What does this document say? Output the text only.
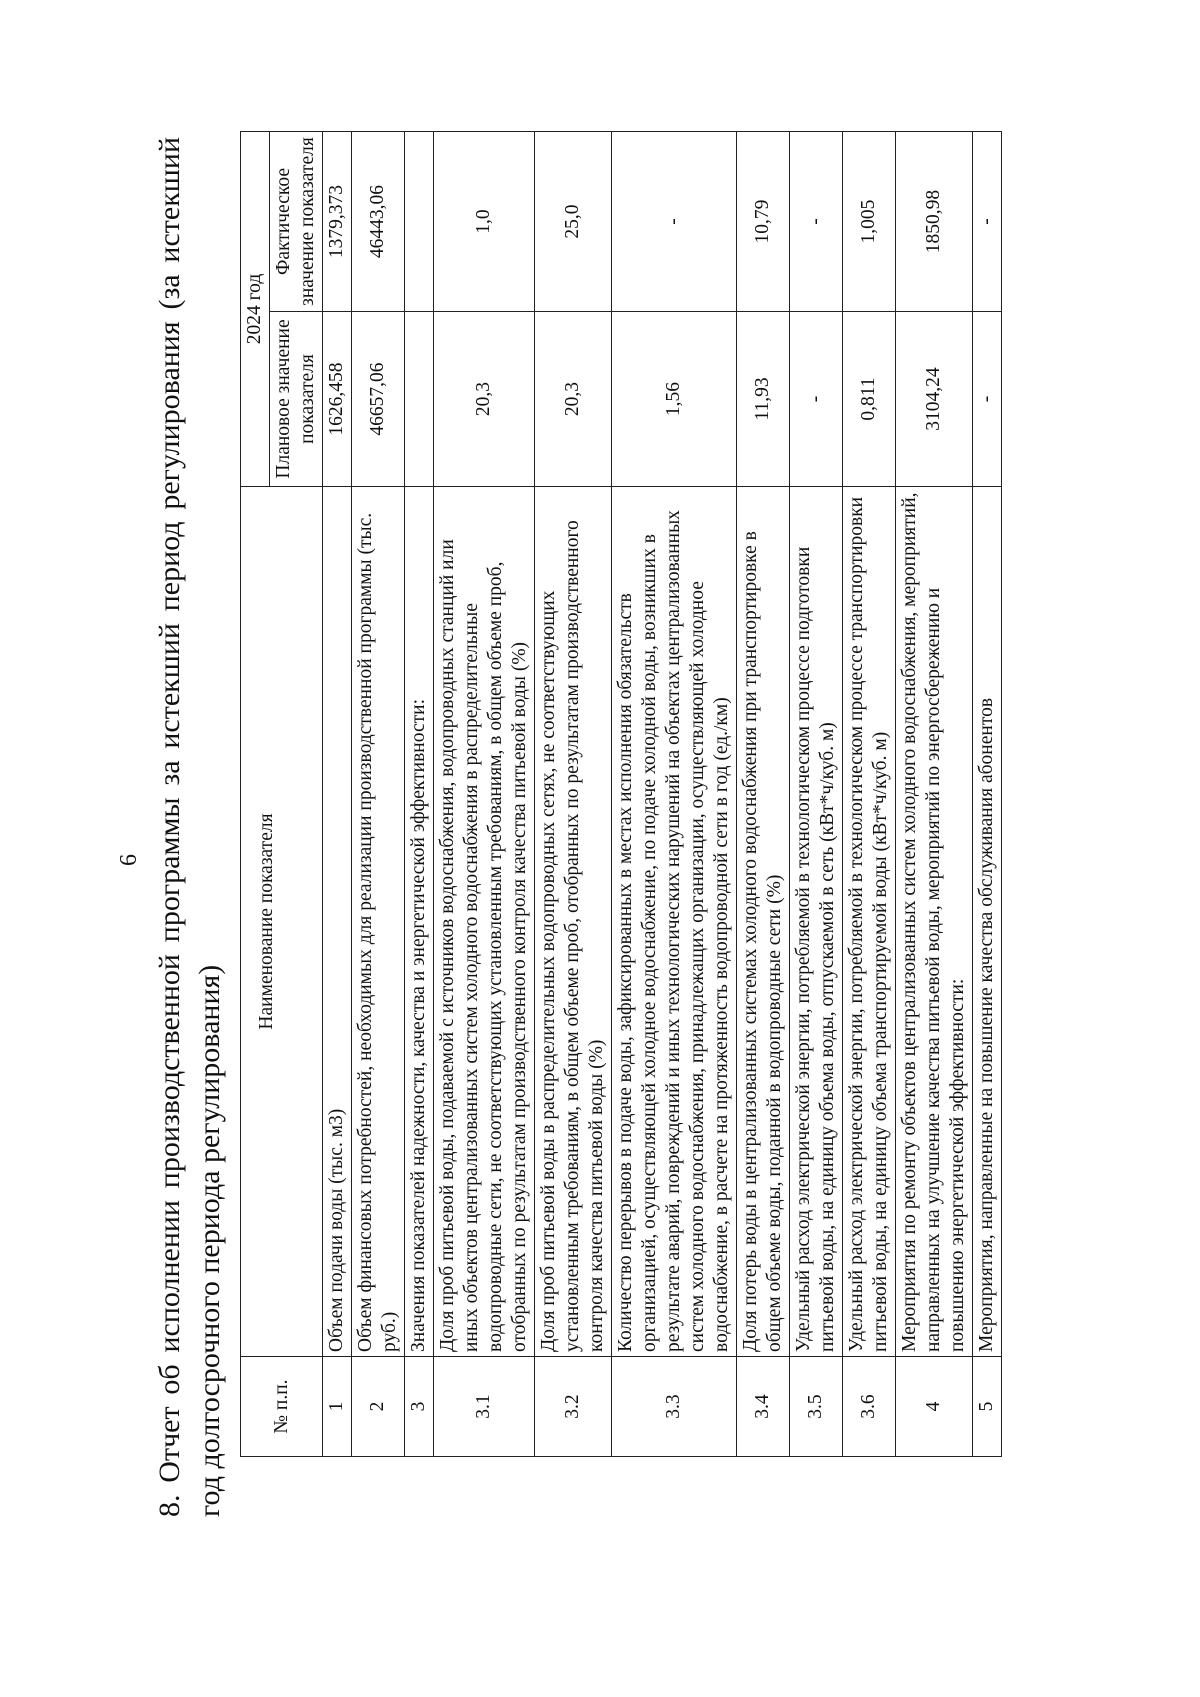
6 8. Отчет об исполнении производственной программы за истекший период регулирования (за истекший год долгосрочного периода регулирования) № п.п.	Наименование показателя	2024 год	
		Плановое значение показателя	Фактическое значение показателя
1	Объем подачи воды (тыс. м3)	1626,458	1379,373
2	Объем финансовых потребностей, необходимых для реализации производственной программы (тыс. руб.)	46657,06	46443,06
3	Значения показателей надежности, качества и энергетической эффективности:		
3.1	Доля проб питьевой воды, подаваемой с источников водоснабжения, водопроводных станций или иных объектов централизованных систем холодного водоснабжения в распределительные водопроводные сети, не соответствующих установленным требованиям, в общем объеме проб, отобранных по результатам производственного контроля качества питьевой воды (%)	20,3	1,0
3.2	Доля проб питьевой воды в распределительных водопроводных сетях, не соответствующих установленным требованиям, в общем объеме проб, отобранных по результатам производственного контроля качества питьевой воды (%)	20,3	25,0
3.3	Количество перерывов в подаче воды, зафиксированных в местах исполнения обязательств организацией, осуществляющей холодное водоснабжение, по подаче холодной воды, возникших в результате аварий, повреждений и иных технологических нарушений на объектах централизованных систем холодного водоснабжения, принадлежащих организации, осуществляющей холодное водоснабжение, в расчете на протяженность водопроводной сети в год (ед./км)	1,56	-
3.4	Доля потерь воды в централизованных системах холодного водоснабжения при транспортировке в общем объеме воды, поданной в водопроводные сети (%)	11,93	10,79
3.5	Удельный расход электрической энергии, потребляемой в технологическом процессе подготовки питьевой воды, на единицу объема воды, отпускаемой в сеть (кВт*ч/куб. м)	-	-
3.6	Удельный расход электрической энергии, потребляемой в технологическом процессе транспортировки питьевой воды, на единицу объема транспортируемой воды (кВт*ч/куб. м)	0,811	1,005
4	Мероприятия по ремонту объектов централизованных систем холодного водоснабжения, мероприятий, направленных на улучшение качества питьевой воды, мероприятий по энергосбережению и повышению энергетической эффективности:	3104,24	1850,98
5	Мероприятия, направленные на повышение качества обслуживания абонентов	-	-
